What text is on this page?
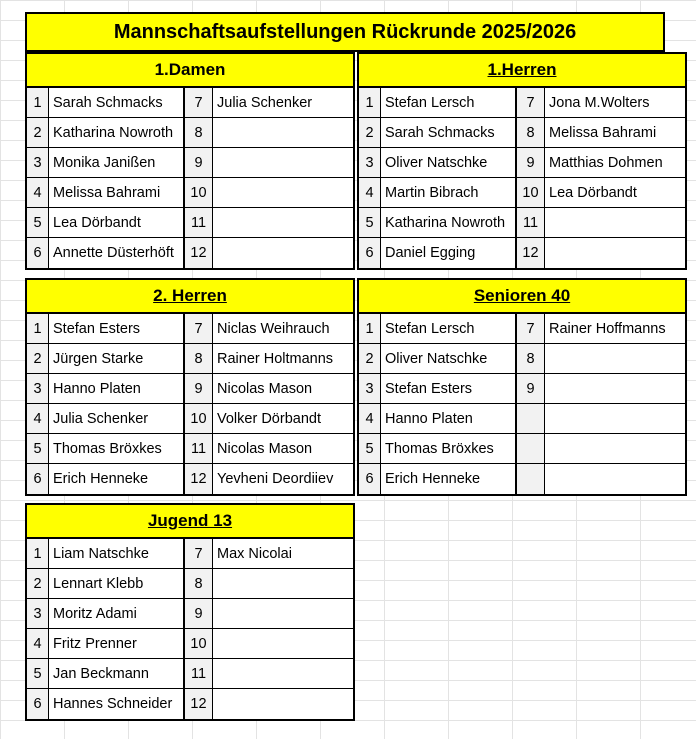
Mannschaftsaufstellungen Rückrunde 2025/2026
1.Damen
1 Sarah Schmacks	7 Julia Schenker
2 Katharina Nowroth	8
3 Monika Janißen	9
4 Melissa Bahrami	10
5 Lea Dörbandt	11
6 Annette Düsterhöft	12
1.Herren
1 Stefan Lersch	7 Jona M.Wolters
2 Sarah Schmacks	8 Melissa Bahrami
3 Oliver Natschke	9 Matthias Dohmen
4 Martin Bibrach	10 Lea Dörbandt
5 Katharina Nowroth	11
6 Daniel Egging	12
2. Herren
1 Stefan Esters	7 Niclas Weihrauch
2 Jürgen Starke	8 Rainer Holtmanns
3 Hanno Platen	9 Nicolas Mason
4 Julia Schenker	10 Volker Dörbandt
5 Thomas Bröxkes	11 Nicolas Mason
6 Erich Henneke	12 Yevheni Deordiiev
Senioren 40
1 Stefan Lersch	7 Rainer Hoffmanns
2 Oliver Natschke	8
3 Stefan Esters	9
4 Hanno Platen
5 Thomas Bröxkes
6 Erich Henneke
Jugend 13
1 Liam Natschke	7 Max Nicolai
2 Lennart Klebb	8
3 Moritz Adami	9
4 Fritz Prenner	10
5 Jan Beckmann	11
6 Hannes Schneider	12
